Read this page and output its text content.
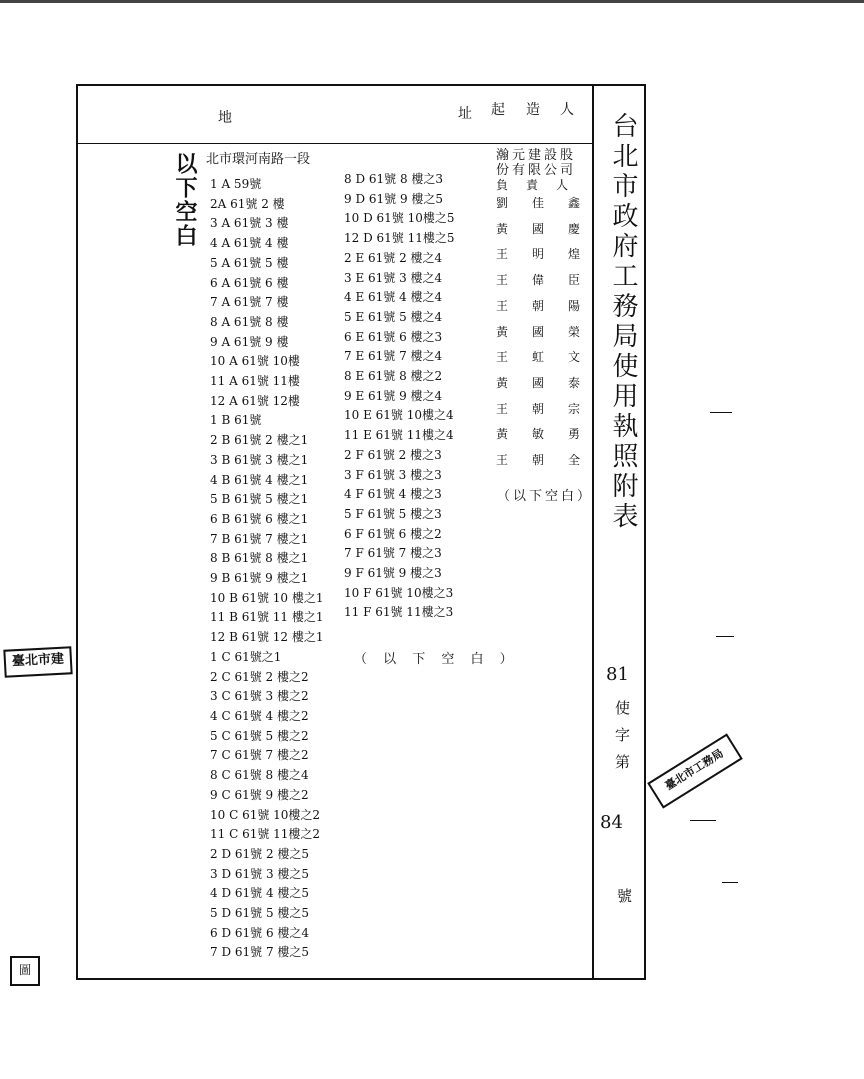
地	址 起 造 人
以下空白 北市環河南路一段
1 A 59號
2A 61號 2 樓
3 A 61號 3 樓
4 A 61號 4 樓
5 A 61號 5 樓
6 A 61號 6 樓
7 A 61號 7 樓
8 A 61號 8 樓
9 A 61號 9 樓
10 A 61號 10樓
11 A 61號 11樓
12 A 61號 12樓
1 B 61號
2 B 61號 2 樓之1
3 B 61號 3 樓之1
4 B 61號 4 樓之1
5 B 61號 5 樓之1
6 B 61號 6 樓之1
7 B 61號 7 樓之1
8 B 61號 8 樓之1
9 B 61號 9 樓之1
10 B 61號 10 樓之1
11 B 61號 11 樓之1
12 B 61號 12 樓之1
1 C 61號之1
2 C 61號 2 樓之2
3 C 61號 3 樓之2
4 C 61號 4 樓之2
5 C 61號 5 樓之2
7 C 61號 7 樓之2
8 C 61號 8 樓之4
9 C 61號 9 樓之2
10 C 61號 10樓之2
11 C 61號 11樓之2
2 D 61號 2 樓之5
3 D 61號 3 樓之5
4 D 61號 4 樓之5
5 D 61號 5 樓之5
6 D 61號 6 樓之4
7 D 61號 7 樓之5
8 D 61號 8 樓之3
9 D 61號 9 樓之5
10 D 61號 10樓之5
12 D 61號 11樓之5
2 E 61號 2 樓之4
3 E 61號 3 樓之4
4 E 61號 4 樓之4
5 E 61號 5 樓之4
6 E 61號 6 樓之3
7 E 61號 7 樓之4
8 E 61號 8 樓之2
9 E 61號 9 樓之4
10 E 61號 10樓之4
11 E 61號 11樓之4
2 F 61號 2 樓之3
3 F 61號 3 樓之3
4 F 61號 4 樓之3
5 F 61號 5 樓之3
6 F 61號 6 樓之2
7 F 61號 7 樓之3
9 F 61號 9 樓之3
10 F 61號 10樓之3
11 F 61號 11樓之3
（ 以 下 空 白 ）
瀚元建設股
份有限公司
負　責　人
劉　佳　鑫
黃　國　慶
王　明　煌
王　偉　臣
王　朝　陽
黃　國　榮
王　虹　文
黃　國　泰
王　朝　宗
黃　敏　勇
王　朝　全
（以下空白） 台北市政府工務局使用執照附表
81
使字第
84
號
臺北市建
臺北市工務局
圖
